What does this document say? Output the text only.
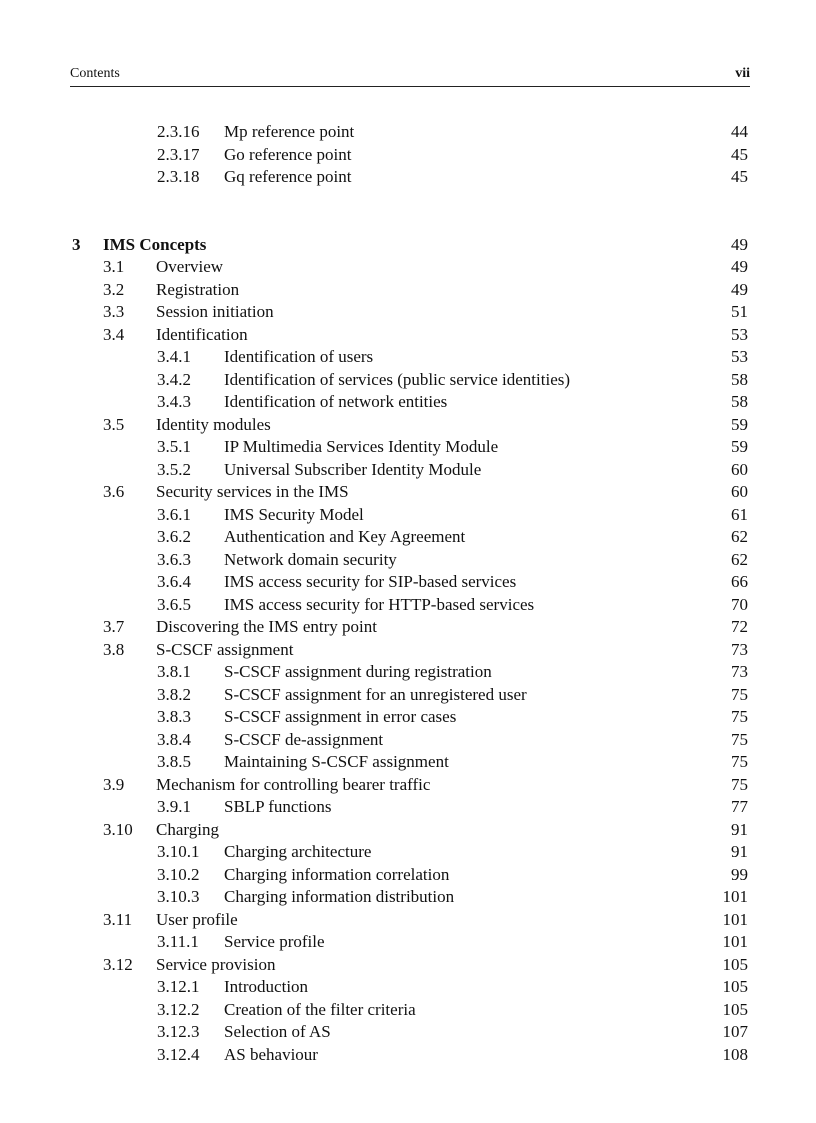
Contents	vii
2.3.16 Mp reference point	44
2.3.17 Go reference point	45
2.3.18 Gq reference point	45
3 IMS Concepts	49
3.1 Overview	49
3.2 Registration	49
3.3 Session initiation	51
3.4 Identification	53
3.4.1 Identification of users	53
3.4.2 Identification of services (public service identities)	58
3.4.3 Identification of network entities	58
3.5 Identity modules	59
3.5.1 IP Multimedia Services Identity Module	59
3.5.2 Universal Subscriber Identity Module	60
3.6 Security services in the IMS	60
3.6.1 IMS Security Model	61
3.6.2 Authentication and Key Agreement	62
3.6.3 Network domain security	62
3.6.4 IMS access security for SIP-based services	66
3.6.5 IMS access security for HTTP-based services	70
3.7 Discovering the IMS entry point	72
3.8 S-CSCF assignment	73
3.8.1 S-CSCF assignment during registration	73
3.8.2 S-CSCF assignment for an unregistered user	75
3.8.3 S-CSCF assignment in error cases	75
3.8.4 S-CSCF de-assignment	75
3.8.5 Maintaining S-CSCF assignment	75
3.9 Mechanism for controlling bearer traffic	75
3.9.1 SBLP functions	77
3.10 Charging	91
3.10.1 Charging architecture	91
3.10.2 Charging information correlation	99
3.10.3 Charging information distribution	101
3.11 User profile	101
3.11.1 Service profile	101
3.12 Service provision	105
3.12.1 Introduction	105
3.12.2 Creation of the filter criteria	105
3.12.3 Selection of AS	107
3.12.4 AS behaviour	108
